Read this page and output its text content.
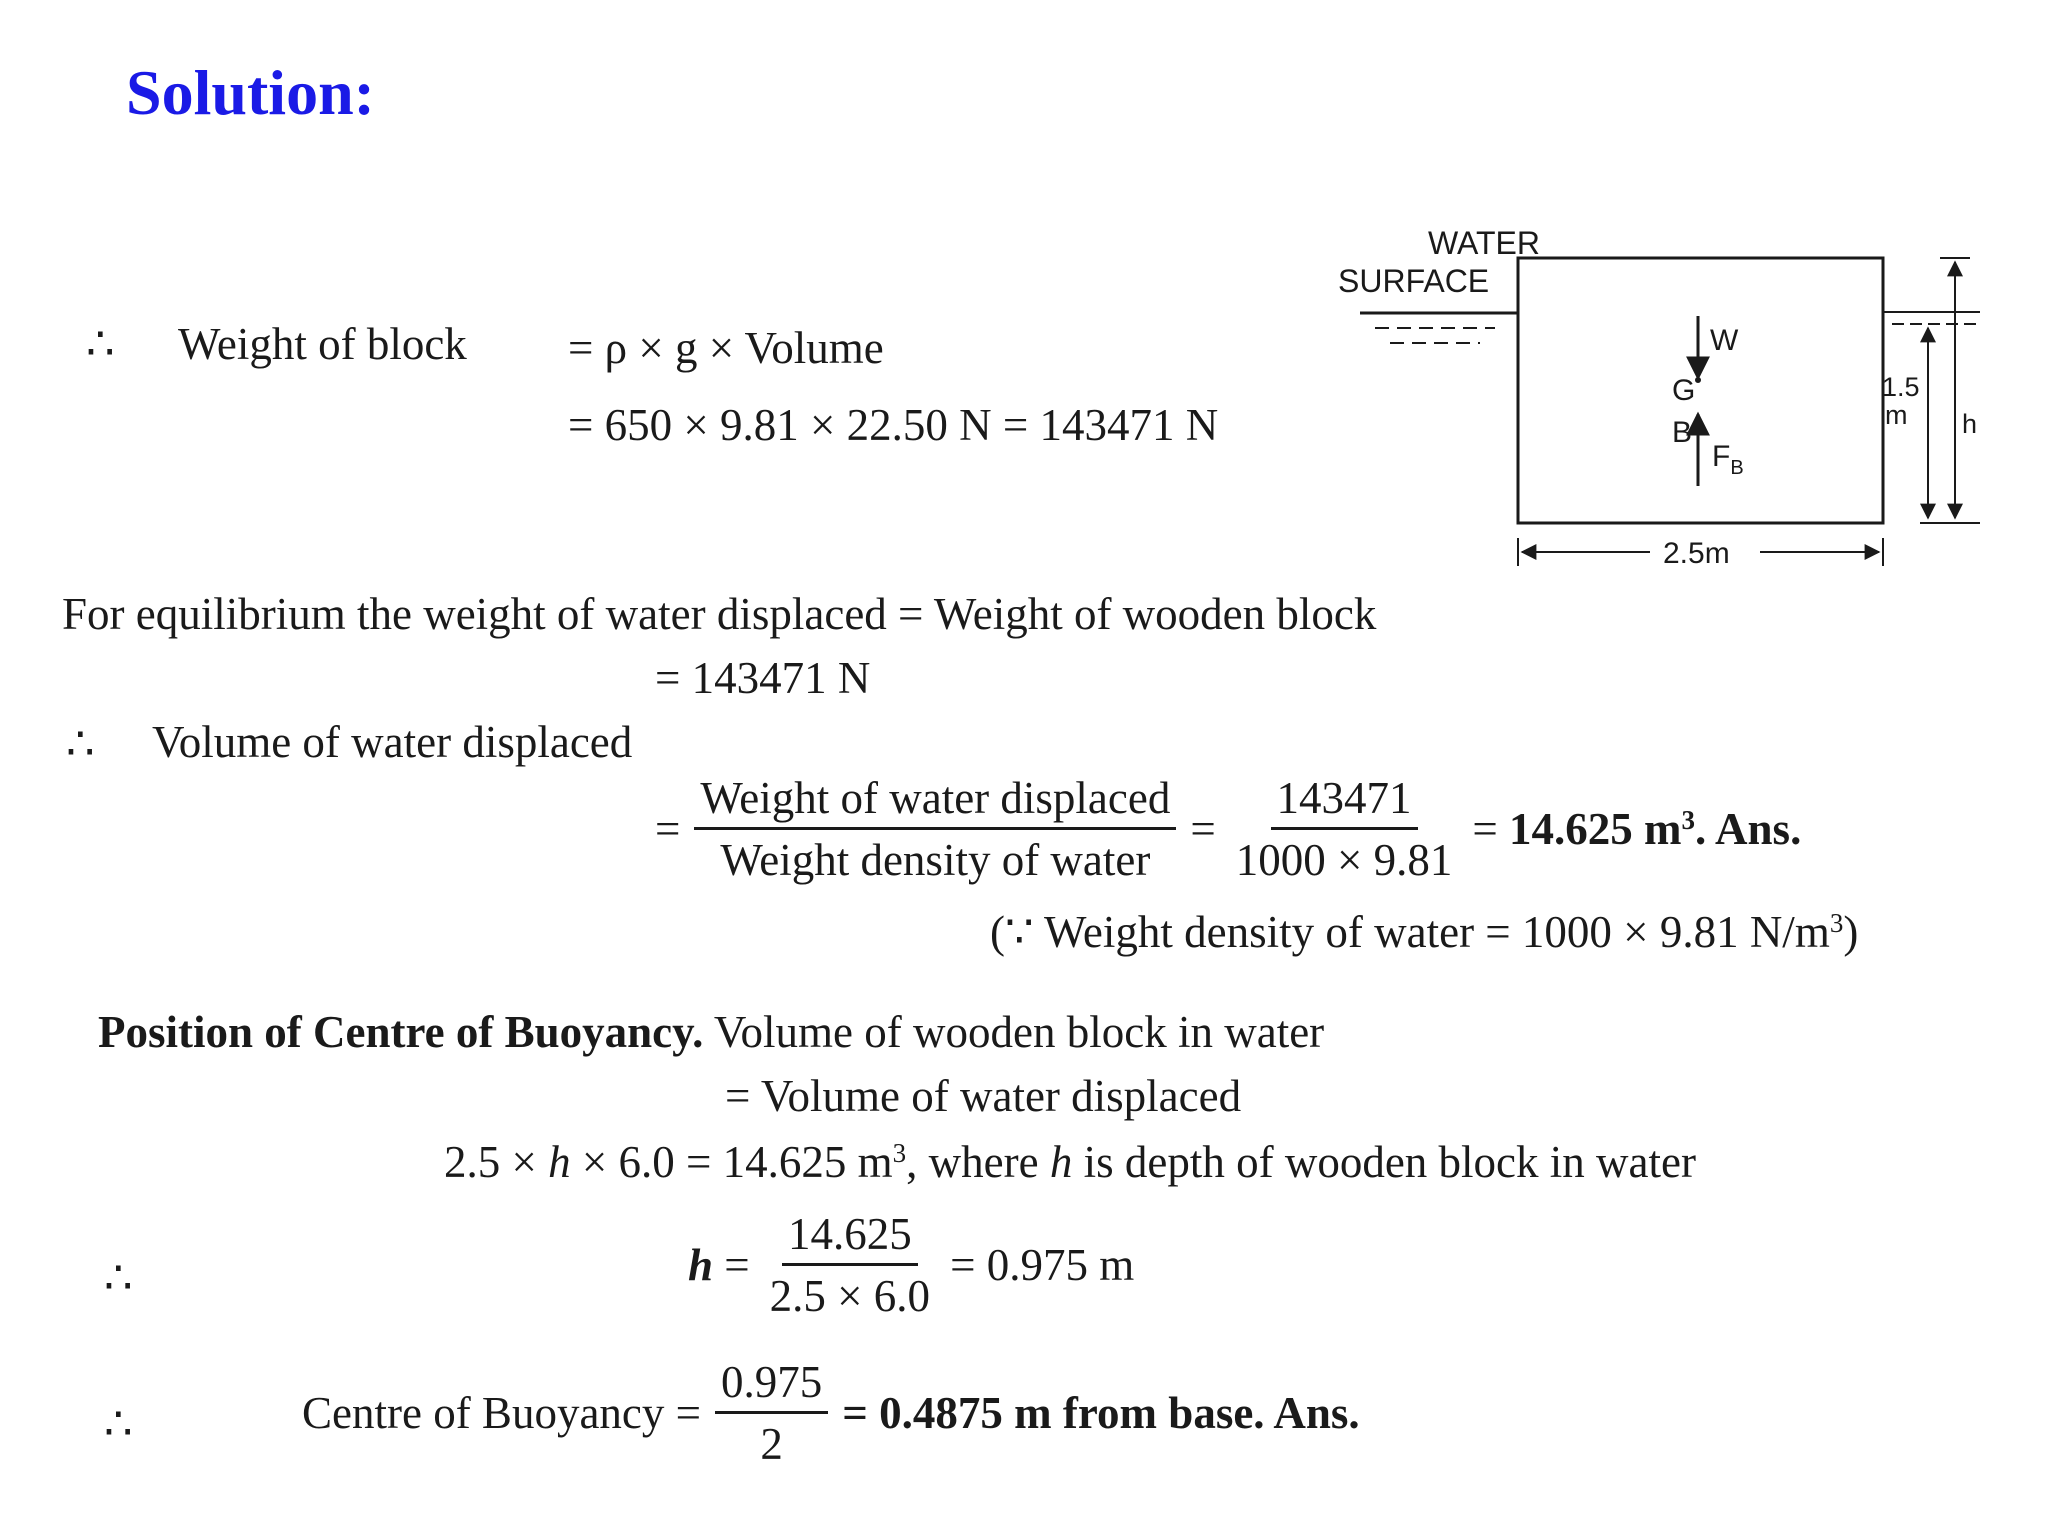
Solution:
∴ Weight of block = ρ × g × Volume
= 650 × 9.81 × 22.50 N = 143471 N
WATER
SURFACE
W
G
B
$F_B$
1.5
m h
2.5m
For equilibrium the weight of water displaced = Weight of wooden block
= 143471 N
∴ Volume of water displaced
= $\frac{\text{Weight of water displaced}}{\text{Weight density of water}} = \frac{143471}{1000 \times 9.81} = 14.625$ $m^3$. Ans.
(∵ Weight density of water = 1000 × 9.81 $N/m^3$)
Position of Centre of Buoyancy. Volume of wooden block in water
= Volume of water displaced
2.5 × h × 6.0 = 14.625 $m^3$, where h is depth of wooden block in water
∴	$h = \frac{14.625}{2.5 \times 6.0} = 0.975$ m
∴	Centre of Buoyancy = $\frac{0.975}{2} = 0.4875$ m from base. Ans.
